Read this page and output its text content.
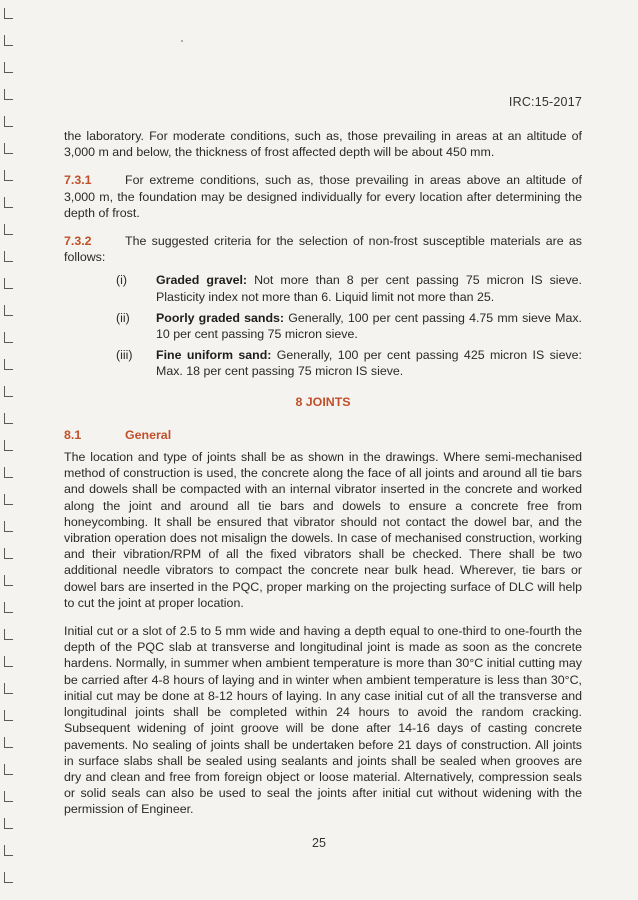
IRC:15-2017

the laboratory. For moderate conditions, such as, those prevailing in areas at an altitude of 3,000 m and below, the thickness of frost affected depth will be about 450 mm.

7.3.1	For extreme conditions, such as, those prevailing in areas above an altitude of 3,000 m, the foundation may be designed individually for every location after determining the depth of frost.

7.3.2	The suggested criteria for the selection of non-frost susceptible materials are as follows:

(i)	Graded gravel: Not more than 8 per cent passing 75 micron IS sieve. Plasticity index not more than 6. Liquid limit not more than 25.
(ii)	Poorly graded sands: Generally, 100 per cent passing 4.75 mm sieve Max. 10 per cent passing 75 micron sieve.
(iii)	Fine uniform sand: Generally, 100 per cent passing 425 micron IS sieve: Max. 18 per cent passing 75 micron IS sieve.
8 JOINTS
8.1	General

The location and type of joints shall be as shown in the drawings. Where semi-mechanised method of construction is used, the concrete along the face of all joints and around all tie bars and dowels shall be compacted with an internal vibrator inserted in the concrete and worked along the joint and around all tie bars and dowels to ensure a concrete free from honeycombing. It shall be ensured that vibrator should not contact the dowel bar, and the vibration operation does not misalign the dowels. In case of mechanised construction, working and their vibration/RPM of all the fixed vibrators shall be checked. There shall be two additional needle vibrators to compact the concrete near bulk head. Wherever, tie bars or dowel bars are inserted in the PQC, proper marking on the projecting surface of DLC will help to cut the joint at proper location.

Initial cut or a slot of 2.5 to 5 mm wide and having a depth equal to one-third to one-fourth the depth of the PQC slab at transverse and longitudinal joint is made as soon as the concrete hardens. Normally, in summer when ambient temperature is more than 30°C initial cutting may be carried after 4-8 hours of laying and in winter when ambient temperature is less than 30°C, initial cut may be done at 8-12 hours of laying. In any case initial cut of all the transverse and longitudinal joints shall be completed within 24 hours to avoid the random cracking. Subsequent widening of joint groove will be done after 14-16 days of casting concrete pavements. No sealing of joints shall be undertaken before 21 days of construction. All joints in surface slabs shall be sealed using sealants and joints shall be sealed when grooves are dry and clean and free from foreign object or loose material. Alternatively, compression seals or solid seals can also be used to seal the joints after initial cut without widening with the permission of Engineer.

25
